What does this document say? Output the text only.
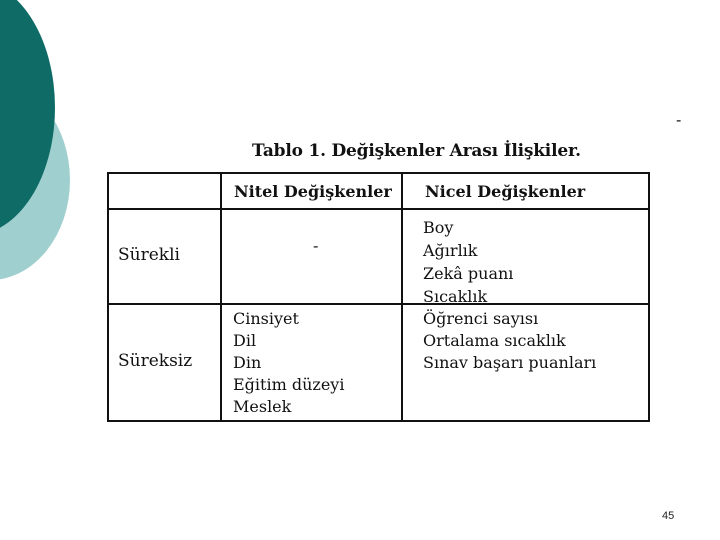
-
Tablo 1. Değişkenler Arası İlişkiler.
Nitel Değişkenler Nicel Değişkenler
Sürekli	-
Boy
Ağırlık
Zekâ puanı
Sıcaklık
Süreksiz
Cinsiyet
Dil
Din
Eğitim düzeyi
Meslek
Öğrenci sayısı
Ortalama sıcaklık
Sınav başarı puanları
45
